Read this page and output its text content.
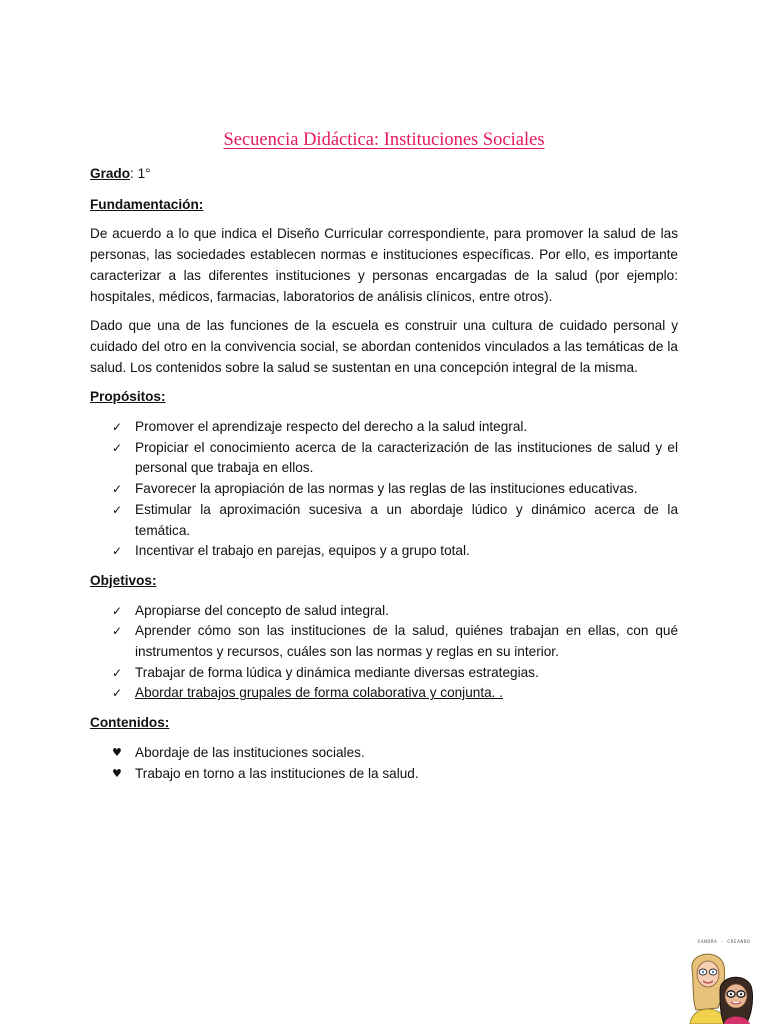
Secuencia Didáctica: Instituciones Sociales
Grado: 1°
Fundamentación:

De acuerdo a lo que indica el Diseño Curricular correspondiente, para promover la salud de las personas, las sociedades establecen normas e instituciones específicas. Por ello, es importante caracterizar a las diferentes instituciones y personas encargadas de la salud (por ejemplo: hospitales, médicos, farmacias, laboratorios de análisis clínicos, entre otros).

Dado que una de las funciones de la escuela es construir una cultura de cuidado personal y cuidado del otro en la convivencia social, se abordan contenidos vinculados a las temáticas de la salud. Los contenidos sobre la salud se sustentan en una concepción integral de la misma.

Propósitos:
✓ Promover el aprendizaje respecto del derecho a la salud integral.
✓ Propiciar el conocimiento acerca de la caracterización de las instituciones de salud y el personal que trabaja en ellos.
✓ Favorecer la apropiación de las normas y las reglas de las instituciones educativas.
✓ Estimular la aproximación sucesiva a un abordaje lúdico y dinámico acerca de la temática.
✓ Incentivar el trabajo en parejas, equipos y a grupo total.
Objetivos:
✓ Apropiarse del concepto de salud integral.
✓ Aprender cómo son las instituciones de la salud, quiénes trabajan en ellas, con qué instrumentos y recursos, cuáles son las normas y reglas en su interior.
✓ Trabajar de forma lúdica y dinámica mediante diversas estrategias.
✓ Abordar trabajos grupales de forma colaborativa y conjunta. .
Contenidos:
♥ Abordaje de las instituciones sociales.
♥ Trabajo en torno a las instituciones de la salud.
SANDRA · CREANDO
